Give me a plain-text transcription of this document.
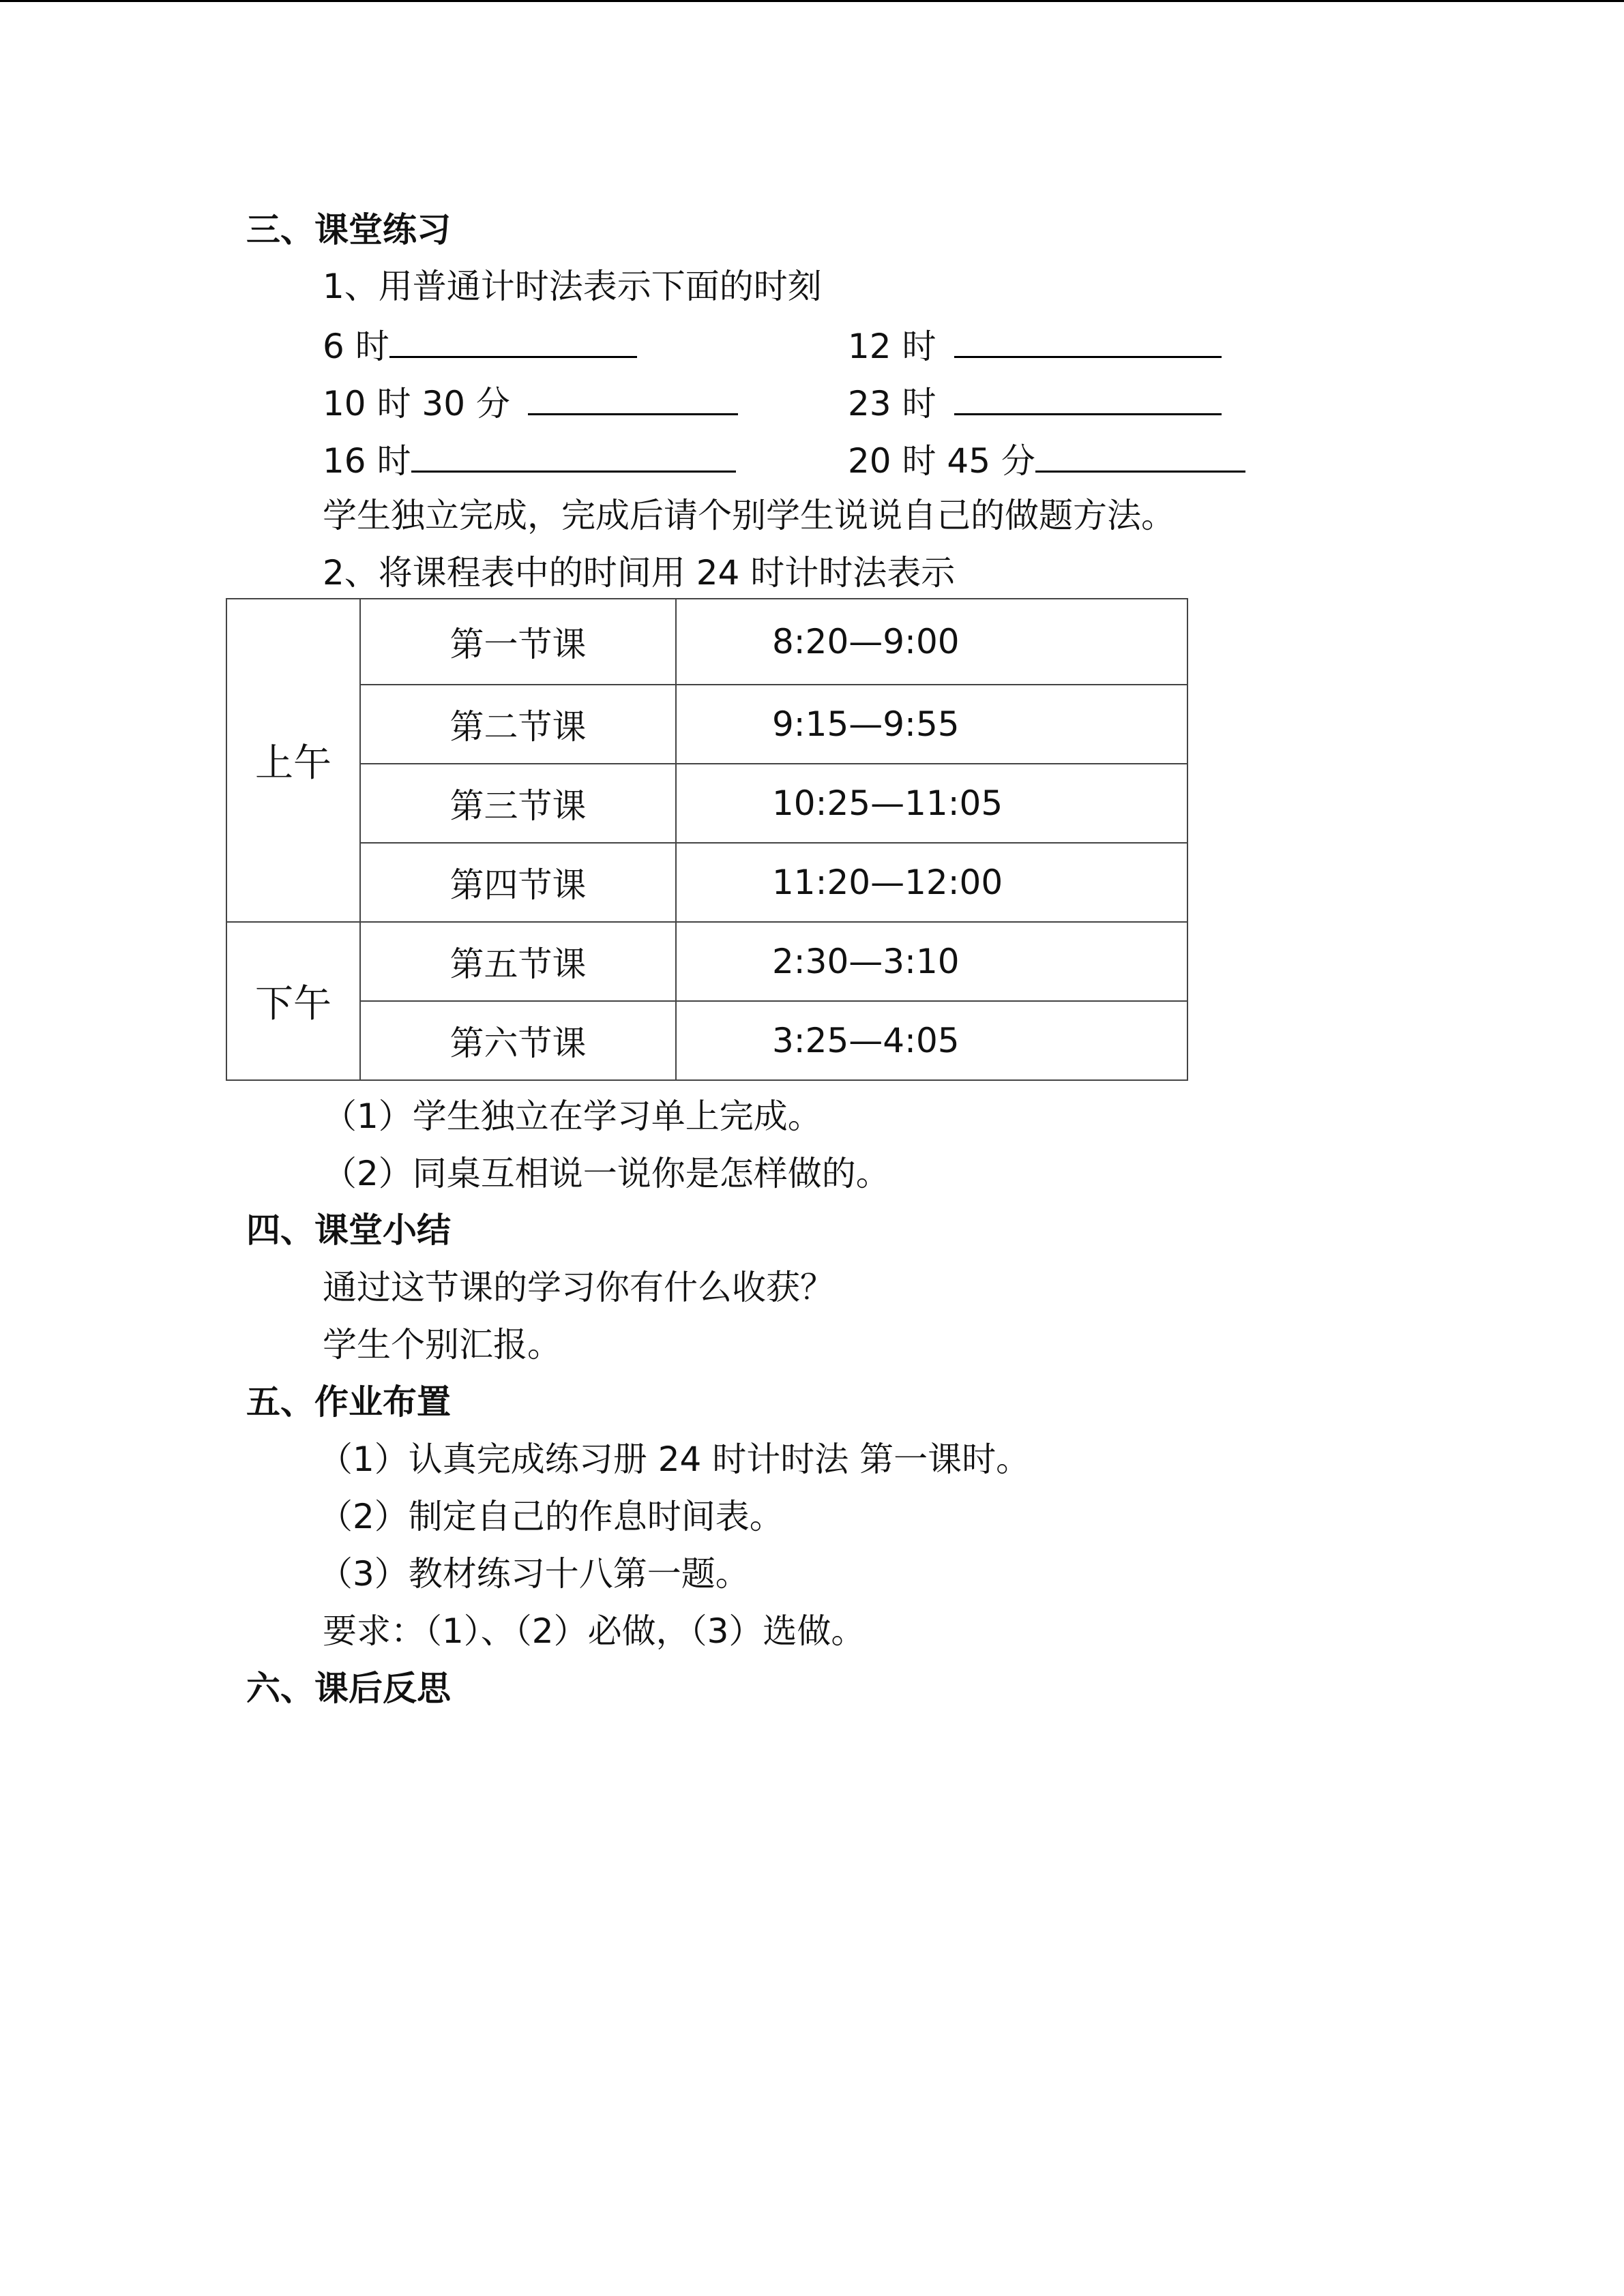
三、课堂练习
1、用普通计时法表示下面的时刻
6 时	12 时
10 时 30 分	23 时
16 时	20 时 45 分
学生独立完成，完成后请个别学生说说自己的做题方法。
2、将课程表中的时间用 24 时计时法表示
上午	第一节课	8:20—9:00
	第二节课	9:15—9:55
	第三节课	10:25—11:05
	第四节课	11:20—12:00
下午	第五节课	2:30—3:10
	第六节课	3:25—4:05
（1）学生独立在学习单上完成。
（2）同桌互相说一说你是怎样做的。
四、课堂小结
通过这节课的学习你有什么收获？
学生个别汇报。
五、作业布置
（1）认真完成练习册 24 时计时法 第一课时。
（2）制定自己的作息时间表。
（3）教材练习十八第一题。
要求：（1）、（2）必做，（3）选做。
六、课后反思
